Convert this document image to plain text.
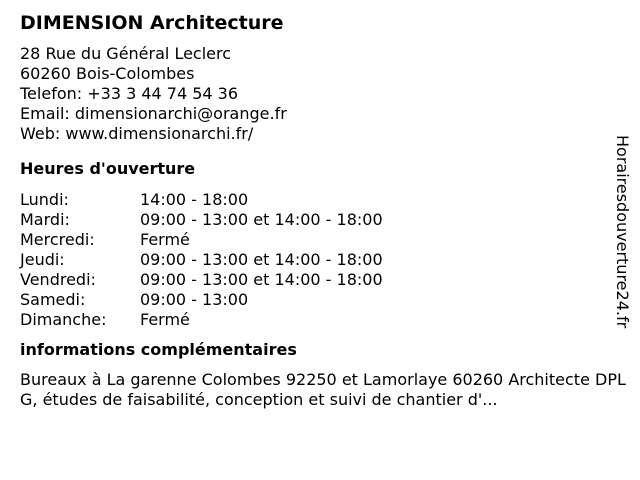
DIMENSION Architecture
28 Rue du Général Leclerc
60260 Bois-Colombes
Telefon: +33 3 44 74 54 36
Email: dimensionarchi@orange.fr
Web: www.dimensionarchi.fr/
Heures d'ouverture
Lundi:	14:00 - 18:00
Mardi:	09:00 - 13:00 et 14:00 - 18:00
Mercredi:	Fermé
Jeudi:	09:00 - 13:00 et 14:00 - 18:00
Vendredi:	09:00 - 13:00 et 14:00 - 18:00
Samedi:	09:00 - 13:00
Dimanche:	Fermé
informations complémentaires
Bureaux à La garenne Colombes 92250 et Lamorlaye 60260 Architecte DPLG, études de faisabilité, conception et suivi de chantier d'...
Horairesdouverture24.fr
